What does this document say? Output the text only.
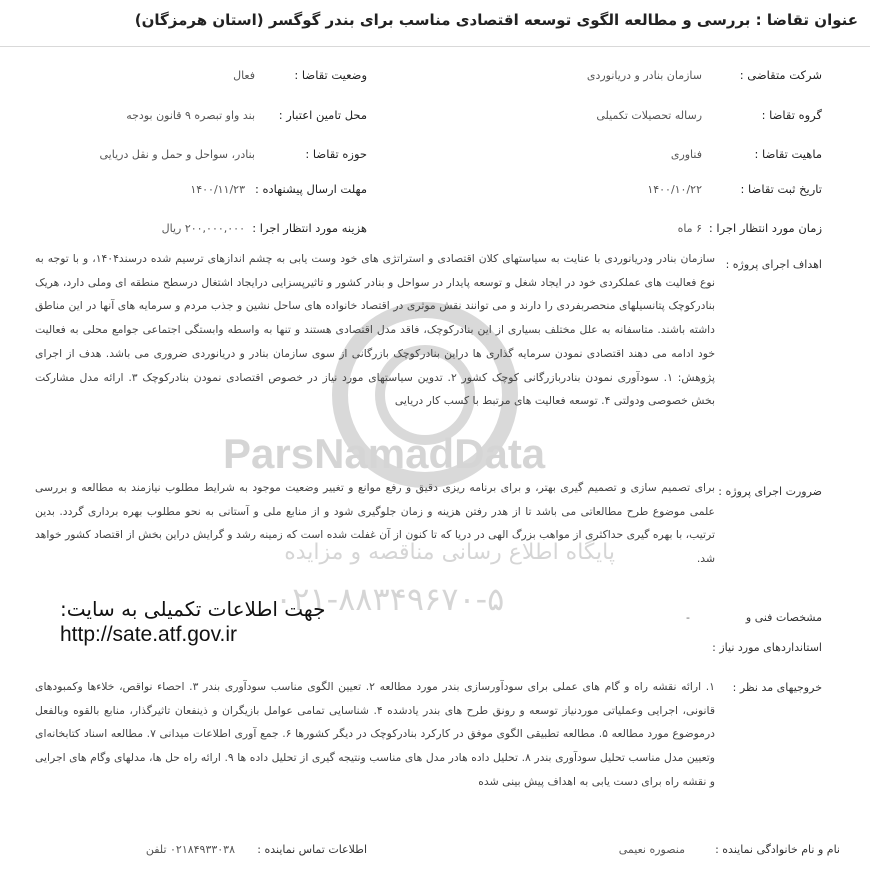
ParsNamadData
پایگاه اطلاع رسانی مناقصه و مزایده
۰۲۱-۸۸۳۴۹۶۷۰-۵
عنوان تقاضا : بررسی و مطالعه الگوی توسعه اقتصادی مناسب برای بندر گوگسر (استان هرمزگان)
شرکت متقاضی :
سازمان بنادر و دریانوردی
وضعیت تقاضا :
فعال
گروه تقاضا :
رساله تحصیلات تکمیلی
محل تامین اعتبار :
بند واو تبصره ۹ قانون بودجه
ماهیت تقاضا :
فناوری
حوزه تقاضا :
بنادر، سواحل و حمل و نقل دریایی
تاریخ ثبت تقاضا :
۱۴۰۰/۱۰/۲۲
مهلت ارسال پیشنهاده :
۱۴۰۰/۱۱/۲۳
زمان مورد انتظار اجرا :
۶ ماه
هزینه مورد انتظار اجرا :
۲۰۰,۰۰۰,۰۰۰ ریال
اهداف اجرای پروژه :
سازمان بنادر ودریانوردی با عنایت به سیاستهای کلان اقتصادی و استراتژی های خود وست یابی به چشم اندازهای ترسیم شده درسند۱۴۰۴، و با توجه به نوع فعالیت های عملکردی خود در ایجاد شغل و توسعه پایدار در سواحل و بنادر کشور و تاثیرپسزایی درایجاد اشتغال درسطح منطقه ای وملی دارد، هریک بنادرکوچک پتانسیلهای منحصربفردی را دارند و می توانند نقش موثری در اقتصاد خانواده های ساحل نشین و جذب مردم و سرمایه های آنها در این مناطق داشته باشند. متاسفانه به علل مختلف بسیاری از این بنادرکوچک، فاقد مدل اقتصادی هستند و تنها به واسطه وابستگی اجتماعی جوامع محلی به فعالیت خود ادامه می دهند اقتصادی نمودن سرمایه گذاری ها دراین بنادرکوچک بازرگانی از سوی سازمان بنادر و دریانوردی ضروری می باشد. هدف از اجرای پژوهش: ۱. سودآوری نمودن بنادربازرگانی کوچک کشور ۲. تدوین سیاستهای مورد نیاز در خصوص اقتصادی نمودن بنادرکوچک ۳. ارائه مدل مشارکت بخش خصوصی ودولتی ۴. توسعه فعالیت های مرتبط با کسب کار دریایی
ضرورت اجرای پروژه :
برای تصمیم سازی و تصمیم گیری بهتر، و برای برنامه ریزی دقیق و رفع موانع و تغییر وضعیت موجود به شرایط مطلوب نیازمند به مطالعه و بررسی علمی موضوع طرح مطالعاتی می باشد تا از هدر رفتن هزینه و زمان جلوگیری شود و از منابع ملی و آستانی به نحو مطلوب بهره برداری گردد. بدین ترتیب، با بهره گیری حداکثری از مواهب بزرگ الهی در دریا که تا کنون از آن غفلت شده است که زمینه رشد و گرایش دراین بخش از اقتصاد کشور خواهد شد.
جهت اطلاعات تکمیلی به سایت:
http://sate.atf.gov.ir
مشخصات فنی و
استانداردهای مورد نیاز :
-
خروجیهای مد نظر :
۱. ارائه نقشه راه و گام های عملی برای سودآورسازی بندر مورد مطالعه ۲. تعیین الگوی مناسب سودآوری بندر ۳. احصاء نواقص، خلاء‌ها وکمبودهای قانونی، اجرایی وعملیاتی موردنیاز توسعه و رونق طرح های بندر یادشده ۴. شناسایی تمامی عوامل بازیگران و ذینفعان تاثیرگذار، منابع بالقوه وبالفعل درموضوع مورد مطالعه ۵. مطالعه تطبیقی الگوی موفق در کارکرد بنادرکوچک در دیگر کشورها ۶. جمع آوری اطلاعات میدانی ۷. مطالعه اسناد کتابخانه‌ای وتعیین مدل مناسب تحلیل سودآوری بندر ۸. تحلیل داده هادر مدل های مناسب ونتیجه گیری از تحلیل داده ها ۹. ارائه راه حل ها، مدلهای وگام های اجرایی و نقشه راه برای دست یابی به اهداف پیش بینی شده
نام و نام خانوادگی نماینده :
منصوره نعیمی
اطلاعات تماس نماینده :
۰۲۱۸۴۹۳۳۰۳۸ تلفن
